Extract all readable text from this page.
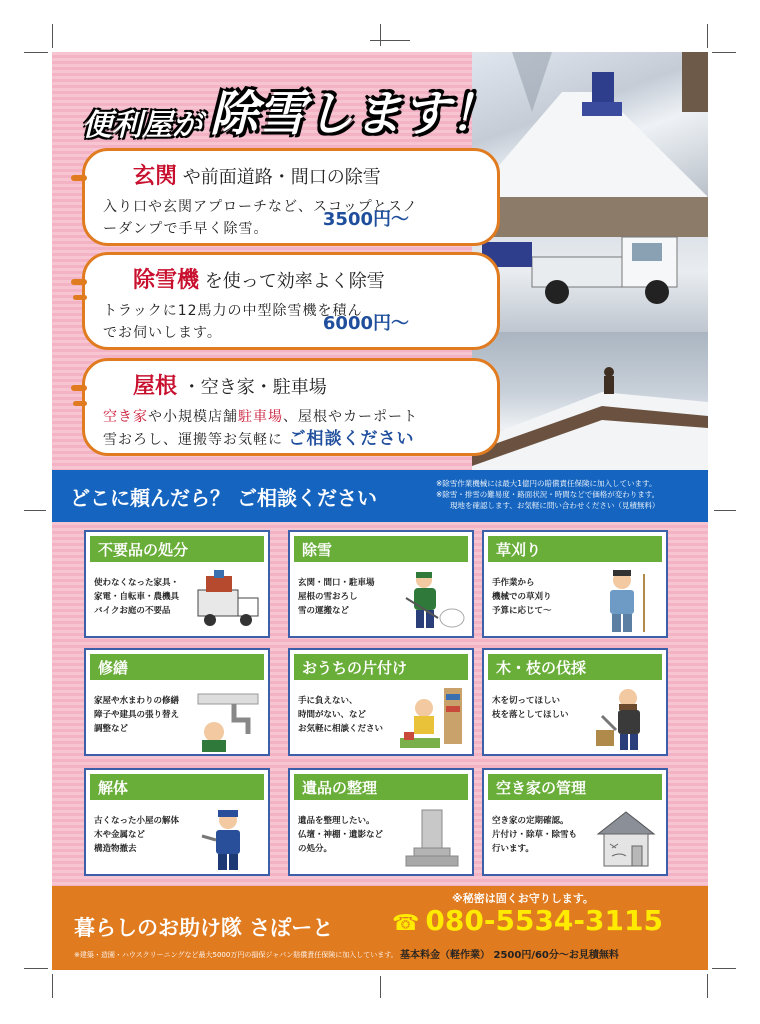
便利屋が 除雪します！
玄関 や前面道路・間口の除雪
入り口や玄関アプローチなど、スコップとスノ
ーダンプで手早く除雪。	3500円〜
除雪機 を使って効率よく除雪
トラックに12馬力の中型除雪機を積ん
でお伺いします。	6000円〜
屋根 ・空き家・駐車場
空き家や小規模店舗駐車場、屋根やカーポート
雪おろし、運搬等お気軽に ご相談ください
どこに頼んだら？ ご相談ください
※除雪作業機械には最大1億円の賠償責任保険に加入しています。
※除雪・排雪の難易度・路面状況・時間などで価格が変わります。
現地を確認します、お気軽に問い合わせください（見積無料）
不要品の処分
使わなくなった家具・
家電・自転車・農機具
バイクお庭の不要品
除雪
玄関・間口・駐車場
屋根の雪おろし
雪の運搬など
草刈り
手作業から
機械での草刈り
予算に応じて〜
修繕
家屋や水まわりの修繕
障子や建具の張り替え
調整など
おうちの片付け
手に負えない、
時間がない、など
お気軽に相談ください
木・枝の伐採
木を切ってほしい
枝を落としてほしい
解体
古くなった小屋の解体
木や金属など
構造物撤去
遺品の整理
遺品を整理したい。
仏壇・神棚・遺影など
の処分。
空き家の管理
空き家の定期確認。
片付け・除草・除雪も
行います。
※秘密は固くお守りします。
暮らしのお助け隊 さぽーと	☎ 080-5534-3115
※建築・造園・ハウスクリーニングなど最大5000万円の損保ジャパン賠償責任保険に加入しています。 基本料金（軽作業） 2500円/60分〜お見積無料
